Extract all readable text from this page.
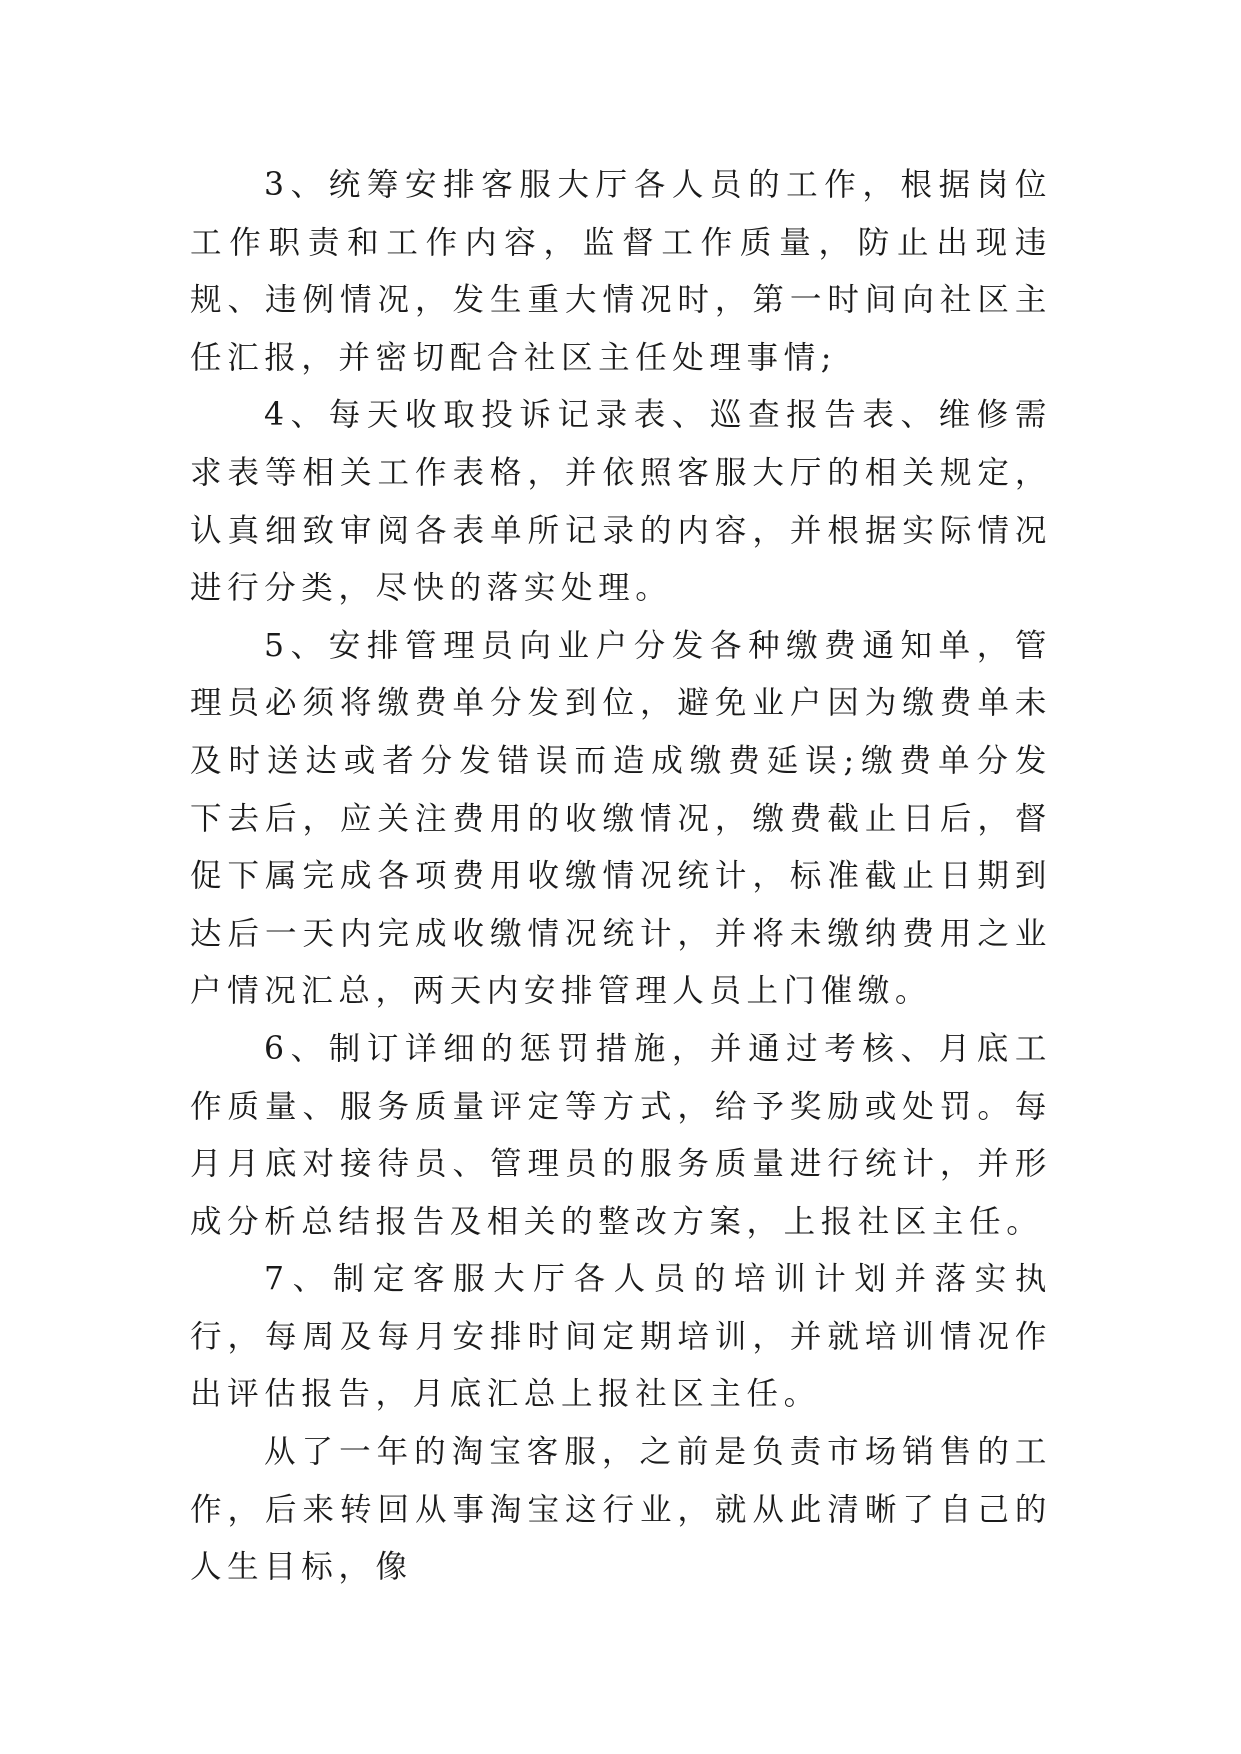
3、统筹安排客服大厅各人员的工作，根据岗位工作职责和工作内容，监督工作质量，防止出现违规、违例情况，发生重大情况时，第一时间向社区主任汇报，并密切配合社区主任处理事情;

4、每天收取投诉记录表、巡查报告表、维修需求表等相关工作表格，并依照客服大厅的相关规定，认真细致审阅各表单所记录的内容，并根据实际情况进行分类，尽快的落实处理。

5、安排管理员向业户分发各种缴费通知单，管理员必须将缴费单分发到位，避免业户因为缴费单未及时送达或者分发错误而造成缴费延误;缴费单分发下去后，应关注费用的收缴情况，缴费截止日后，督促下属完成各项费用收缴情况统计，标准截止日期到达后一天内完成收缴情况统计，并将未缴纳费用之业户情况汇总，两天内安排管理人员上门催缴。

6、制订详细的惩罚措施，并通过考核、月底工作质量、服务质量评定等方式，给予奖励或处罚。每月月底对接待员、管理员的服务质量进行统计，并形成分析总结报告及相关的整改方案，上报社区主任。

7、制定客服大厅各人员的培训计划并落实执行，每周及每月安排时间定期培训，并就培训情况作出评估报告，月底汇总上报社区主任。

从了一年的淘宝客服，之前是负责市场销售的工作，后来转回从事淘宝这行业，就从此清晰了自己的人生目标，像
